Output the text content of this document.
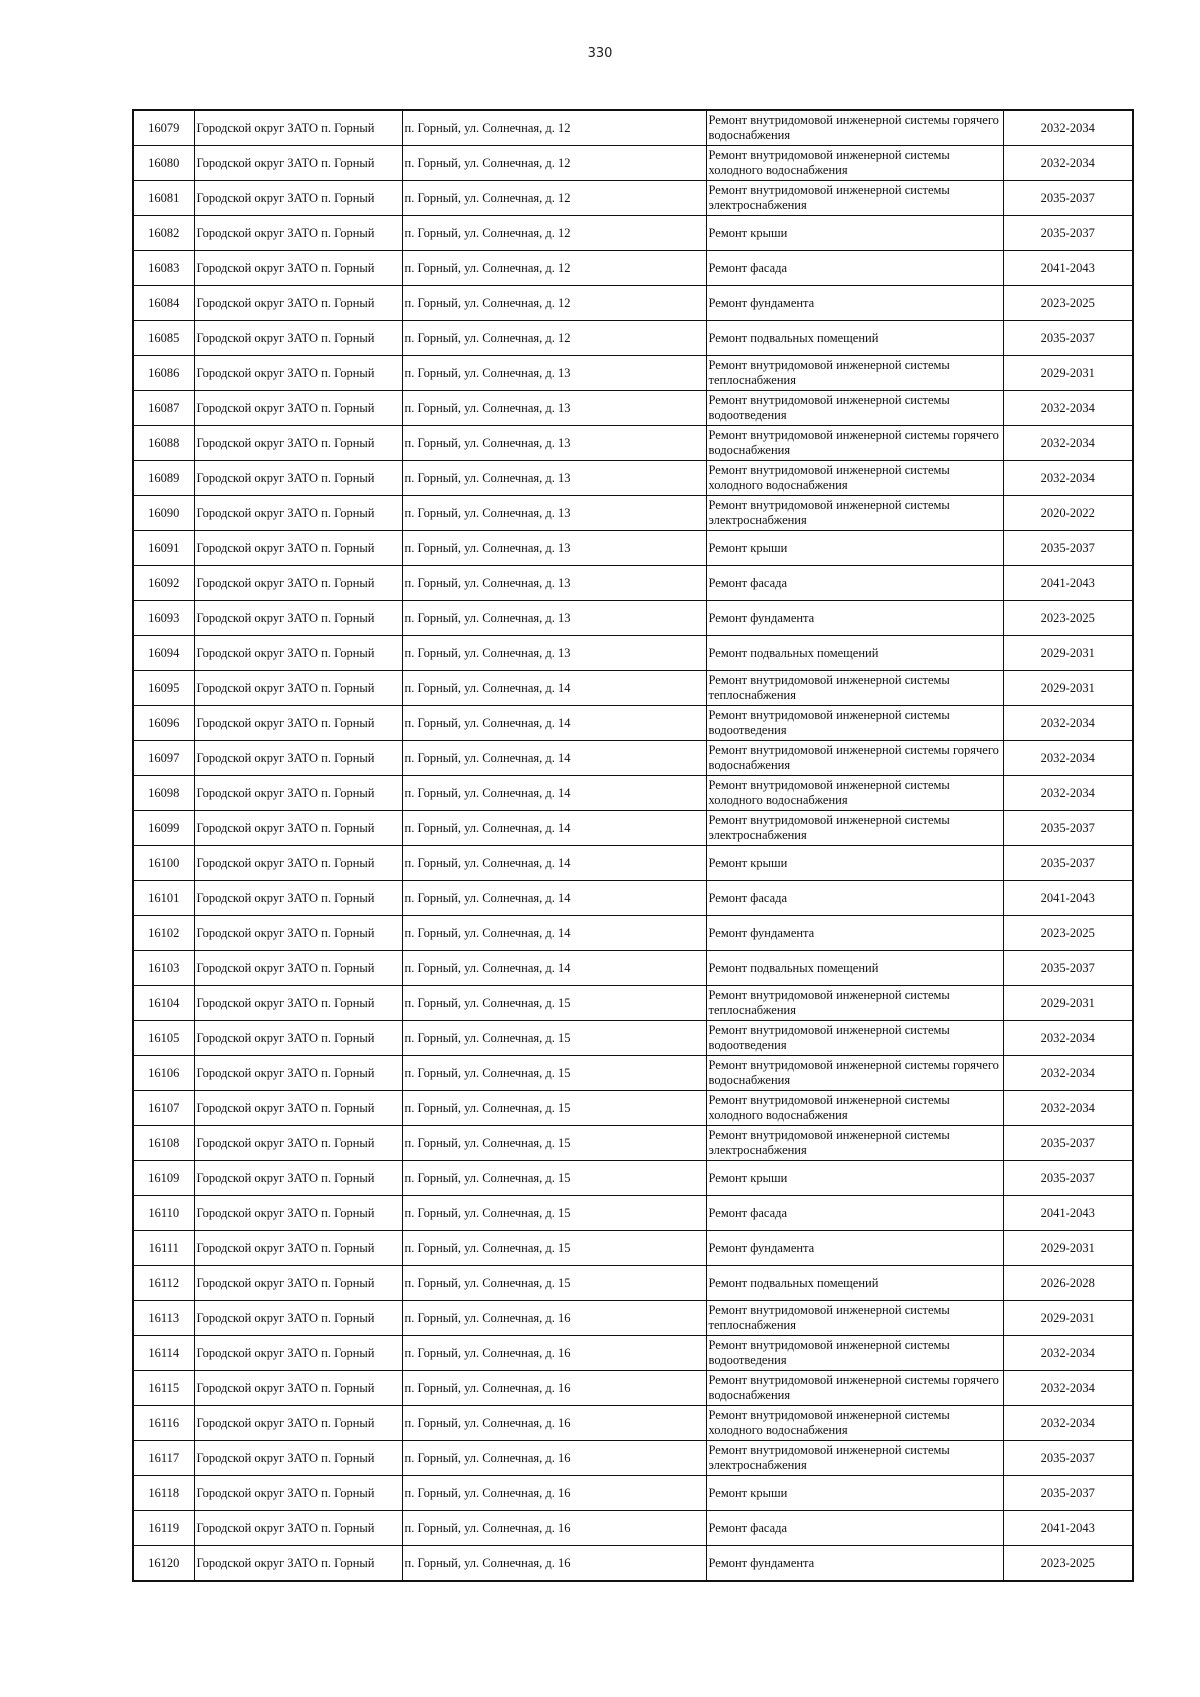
330
16079	Городской округ ЗАТО п. Горный	п. Горный, ул. Солнечная, д. 12	Ремонт внутридомовой инженерной системы горячего водоснабжения	2032-2034
16080	Городской округ ЗАТО п. Горный	п. Горный, ул. Солнечная, д. 12	Ремонт внутридомовой инженерной системы холодного водоснабжения	2032-2034
16081	Городской округ ЗАТО п. Горный	п. Горный, ул. Солнечная, д. 12	Ремонт внутридомовой инженерной системы электроснабжения	2035-2037
16082	Городской округ ЗАТО п. Горный	п. Горный, ул. Солнечная, д. 12	Ремонт крыши	2035-2037
16083	Городской округ ЗАТО п. Горный	п. Горный, ул. Солнечная, д. 12	Ремонт фасада	2041-2043
16084	Городской округ ЗАТО п. Горный	п. Горный, ул. Солнечная, д. 12	Ремонт фундамента	2023-2025
16085	Городской округ ЗАТО п. Горный	п. Горный, ул. Солнечная, д. 12	Ремонт подвальных помещений	2035-2037
16086	Городской округ ЗАТО п. Горный	п. Горный, ул. Солнечная, д. 13	Ремонт внутридомовой инженерной системы теплоснабжения	2029-2031
16087	Городской округ ЗАТО п. Горный	п. Горный, ул. Солнечная, д. 13	Ремонт внутридомовой инженерной системы водоотведения	2032-2034
16088	Городской округ ЗАТО п. Горный	п. Горный, ул. Солнечная, д. 13	Ремонт внутридомовой инженерной системы горячего водоснабжения	2032-2034
16089	Городской округ ЗАТО п. Горный	п. Горный, ул. Солнечная, д. 13	Ремонт внутридомовой инженерной системы холодного водоснабжения	2032-2034
16090	Городской округ ЗАТО п. Горный	п. Горный, ул. Солнечная, д. 13	Ремонт внутридомовой инженерной системы электроснабжения	2020-2022
16091	Городской округ ЗАТО п. Горный	п. Горный, ул. Солнечная, д. 13	Ремонт крыши	2035-2037
16092	Городской округ ЗАТО п. Горный	п. Горный, ул. Солнечная, д. 13	Ремонт фасада	2041-2043
16093	Городской округ ЗАТО п. Горный	п. Горный, ул. Солнечная, д. 13	Ремонт фундамента	2023-2025
16094	Городской округ ЗАТО п. Горный	п. Горный, ул. Солнечная, д. 13	Ремонт подвальных помещений	2029-2031
16095	Городской округ ЗАТО п. Горный	п. Горный, ул. Солнечная, д. 14	Ремонт внутридомовой инженерной системы теплоснабжения	2029-2031
16096	Городской округ ЗАТО п. Горный	п. Горный, ул. Солнечная, д. 14	Ремонт внутридомовой инженерной системы водоотведения	2032-2034
16097	Городской округ ЗАТО п. Горный	п. Горный, ул. Солнечная, д. 14	Ремонт внутридомовой инженерной системы горячего водоснабжения	2032-2034
16098	Городской округ ЗАТО п. Горный	п. Горный, ул. Солнечная, д. 14	Ремонт внутридомовой инженерной системы холодного водоснабжения	2032-2034
16099	Городской округ ЗАТО п. Горный	п. Горный, ул. Солнечная, д. 14	Ремонт внутридомовой инженерной системы электроснабжения	2035-2037
16100	Городской округ ЗАТО п. Горный	п. Горный, ул. Солнечная, д. 14	Ремонт крыши	2035-2037
16101	Городской округ ЗАТО п. Горный	п. Горный, ул. Солнечная, д. 14	Ремонт фасада	2041-2043
16102	Городской округ ЗАТО п. Горный	п. Горный, ул. Солнечная, д. 14	Ремонт фундамента	2023-2025
16103	Городской округ ЗАТО п. Горный	п. Горный, ул. Солнечная, д. 14	Ремонт подвальных помещений	2035-2037
16104	Городской округ ЗАТО п. Горный	п. Горный, ул. Солнечная, д. 15	Ремонт внутридомовой инженерной системы теплоснабжения	2029-2031
16105	Городской округ ЗАТО п. Горный	п. Горный, ул. Солнечная, д. 15	Ремонт внутридомовой инженерной системы водоотведения	2032-2034
16106	Городской округ ЗАТО п. Горный	п. Горный, ул. Солнечная, д. 15	Ремонт внутридомовой инженерной системы горячего водоснабжения	2032-2034
16107	Городской округ ЗАТО п. Горный	п. Горный, ул. Солнечная, д. 15	Ремонт внутридомовой инженерной системы холодного водоснабжения	2032-2034
16108	Городской округ ЗАТО п. Горный	п. Горный, ул. Солнечная, д. 15	Ремонт внутридомовой инженерной системы электроснабжения	2035-2037
16109	Городской округ ЗАТО п. Горный	п. Горный, ул. Солнечная, д. 15	Ремонт крыши	2035-2037
16110	Городской округ ЗАТО п. Горный	п. Горный, ул. Солнечная, д. 15	Ремонт фасада	2041-2043
16111	Городской округ ЗАТО п. Горный	п. Горный, ул. Солнечная, д. 15	Ремонт фундамента	2029-2031
16112	Городской округ ЗАТО п. Горный	п. Горный, ул. Солнечная, д. 15	Ремонт подвальных помещений	2026-2028
16113	Городской округ ЗАТО п. Горный	п. Горный, ул. Солнечная, д. 16	Ремонт внутридомовой инженерной системы теплоснабжения	2029-2031
16114	Городской округ ЗАТО п. Горный	п. Горный, ул. Солнечная, д. 16	Ремонт внутридомовой инженерной системы водоотведения	2032-2034
16115	Городской округ ЗАТО п. Горный	п. Горный, ул. Солнечная, д. 16	Ремонт внутридомовой инженерной системы горячего водоснабжения	2032-2034
16116	Городской округ ЗАТО п. Горный	п. Горный, ул. Солнечная, д. 16	Ремонт внутридомовой инженерной системы холодного водоснабжения	2032-2034
16117	Городской округ ЗАТО п. Горный	п. Горный, ул. Солнечная, д. 16	Ремонт внутридомовой инженерной системы электроснабжения	2035-2037
16118	Городской округ ЗАТО п. Горный	п. Горный, ул. Солнечная, д. 16	Ремонт крыши	2035-2037
16119	Городской округ ЗАТО п. Горный	п. Горный, ул. Солнечная, д. 16	Ремонт фасада	2041-2043
16120	Городской округ ЗАТО п. Горный	п. Горный, ул. Солнечная, д. 16	Ремонт фундамента	2023-2025
